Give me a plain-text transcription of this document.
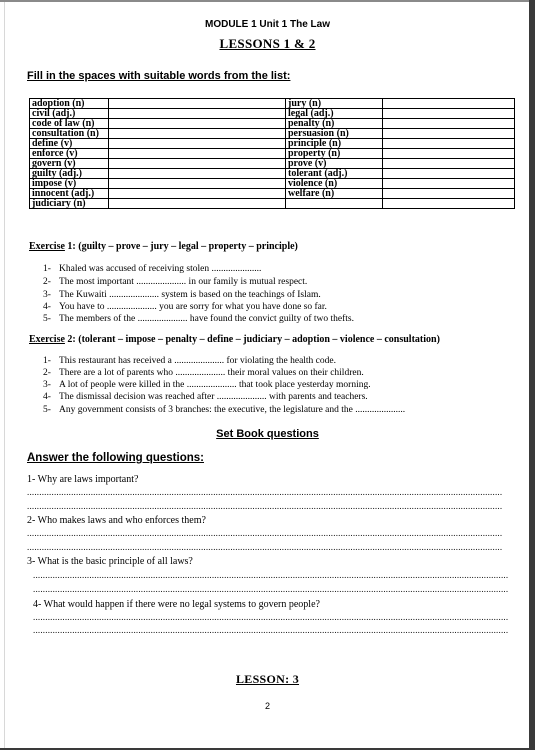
MODULE 1 Unit 1 The Law
LESSONS 1 & 2
Fill in the spaces with suitable words from the list:
adoption (n)		jury (n)	
civil (adj.)		legal (adj.)	
code of law (n)		penalty (n)	
consultation (n)		persuasion (n)	
define (v)		principle (n)	
enforce (v)		property (n)	
govern (v)		prove (v)	
guilty (adj.)		tolerant (adj.)	
impose (v)		violence (n)	
innocent (adj.)		welfare (n)	
judiciary (n)			
Exercise 1: (guilty – prove – jury – legal – property – principle)
1- Khaled was accused of receiving stolen .....................
2- The most important ..................... in our family is mutual respect.
3- The Kuwaiti ..................... system is based on the teachings of Islam.
4- You have to ..................... you are sorry for what you have done so far.
5- The members of the ..................... have found the convict guilty of two thefts.
Exercise 2: (tolerant – impose – penalty – define – judiciary – adoption – violence – consultation)
1- This restaurant has received a ..................... for violating the health code.
2- There are a lot of parents who ..................... their moral values on their children.
3- A lot of people were killed in the ..................... that took place yesterday morning.
4- The dismissal decision was reached after ..................... with parents and teachers.
5- Any government consists of 3 branches: the executive, the legislature and the .....................
Set Book questions
Answer the following questions:
1- Why are laws important?
..................................................................................................................................................................................................
..................................................................................................................................................................................................
2- Who makes laws and who enforces them?
..................................................................................................................................................................................................
..................................................................................................................................................................................................
3- What is the basic principle of all laws?
..................................................................................................................................................................................................
..................................................................................................................................................................................................
4- What would happen if there were no legal systems to govern people?
..................................................................................................................................................................................................
..................................................................................................................................................................................................
LESSON: 3
2
